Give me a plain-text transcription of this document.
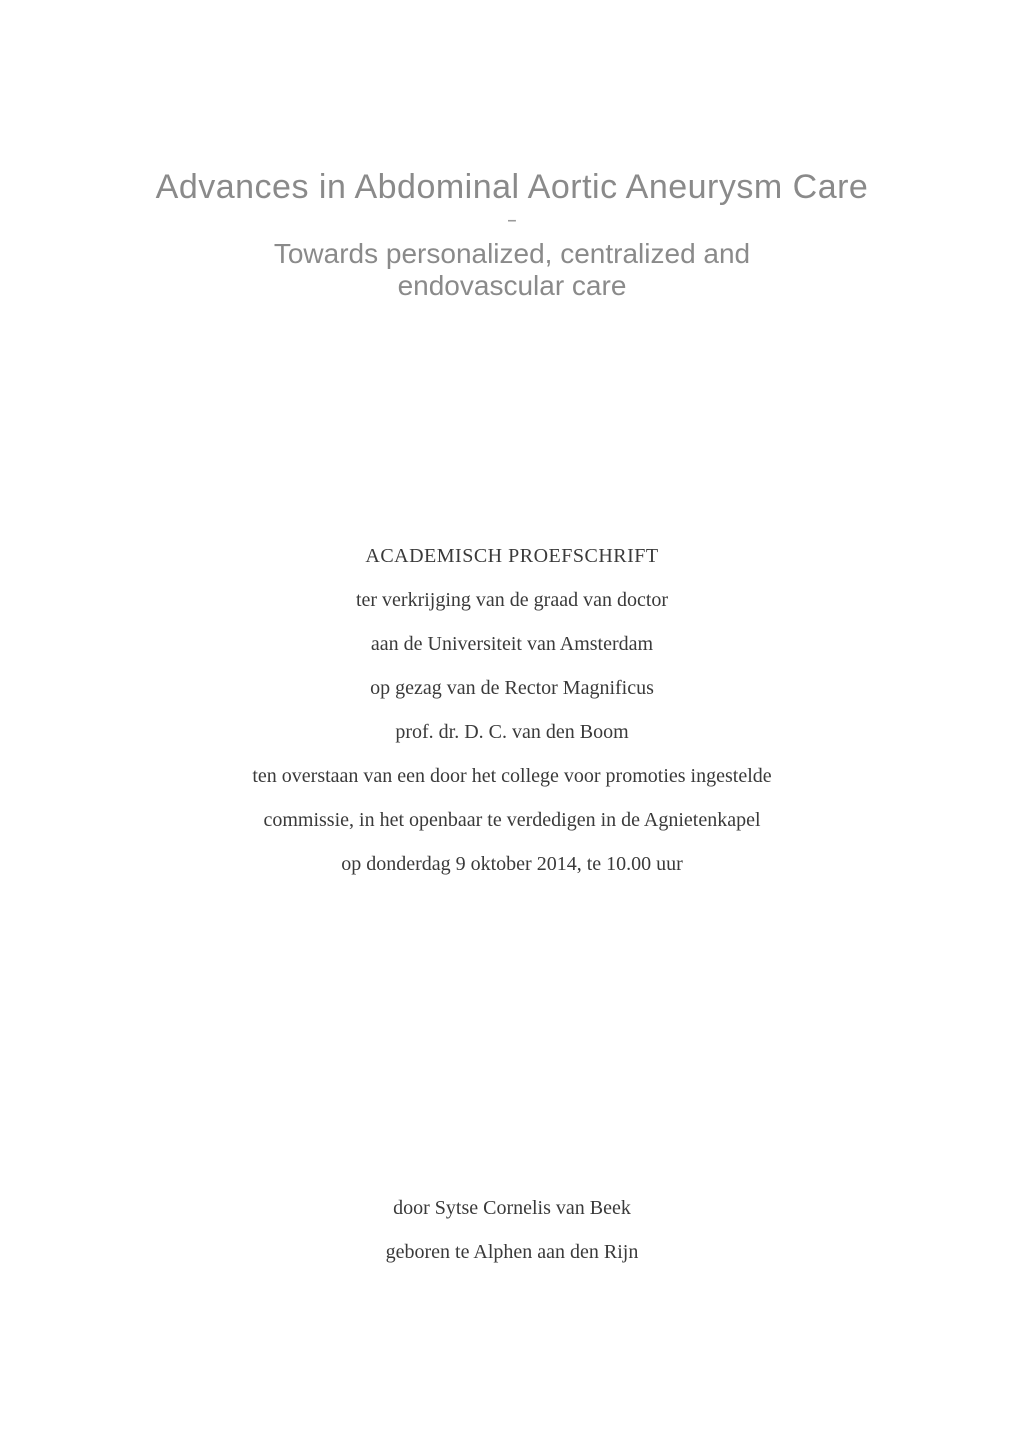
Advances in Abdominal Aortic Aneurysm Care
–
Towards personalized, centralized and
endovascular care
ACADEMISCH PROEFSCHRIFT
ter verkrijging van de graad van doctor
aan de Universiteit van Amsterdam
op gezag van de Rector Magnificus
prof. dr. D. C. van den Boom
ten overstaan van een door het college voor promoties ingestelde
commissie, in het openbaar te verdedigen in de Agnietenkapel
op donderdag 9 oktober 2014, te 10.00 uur
door Sytse Cornelis van Beek
geboren te Alphen aan den Rijn
